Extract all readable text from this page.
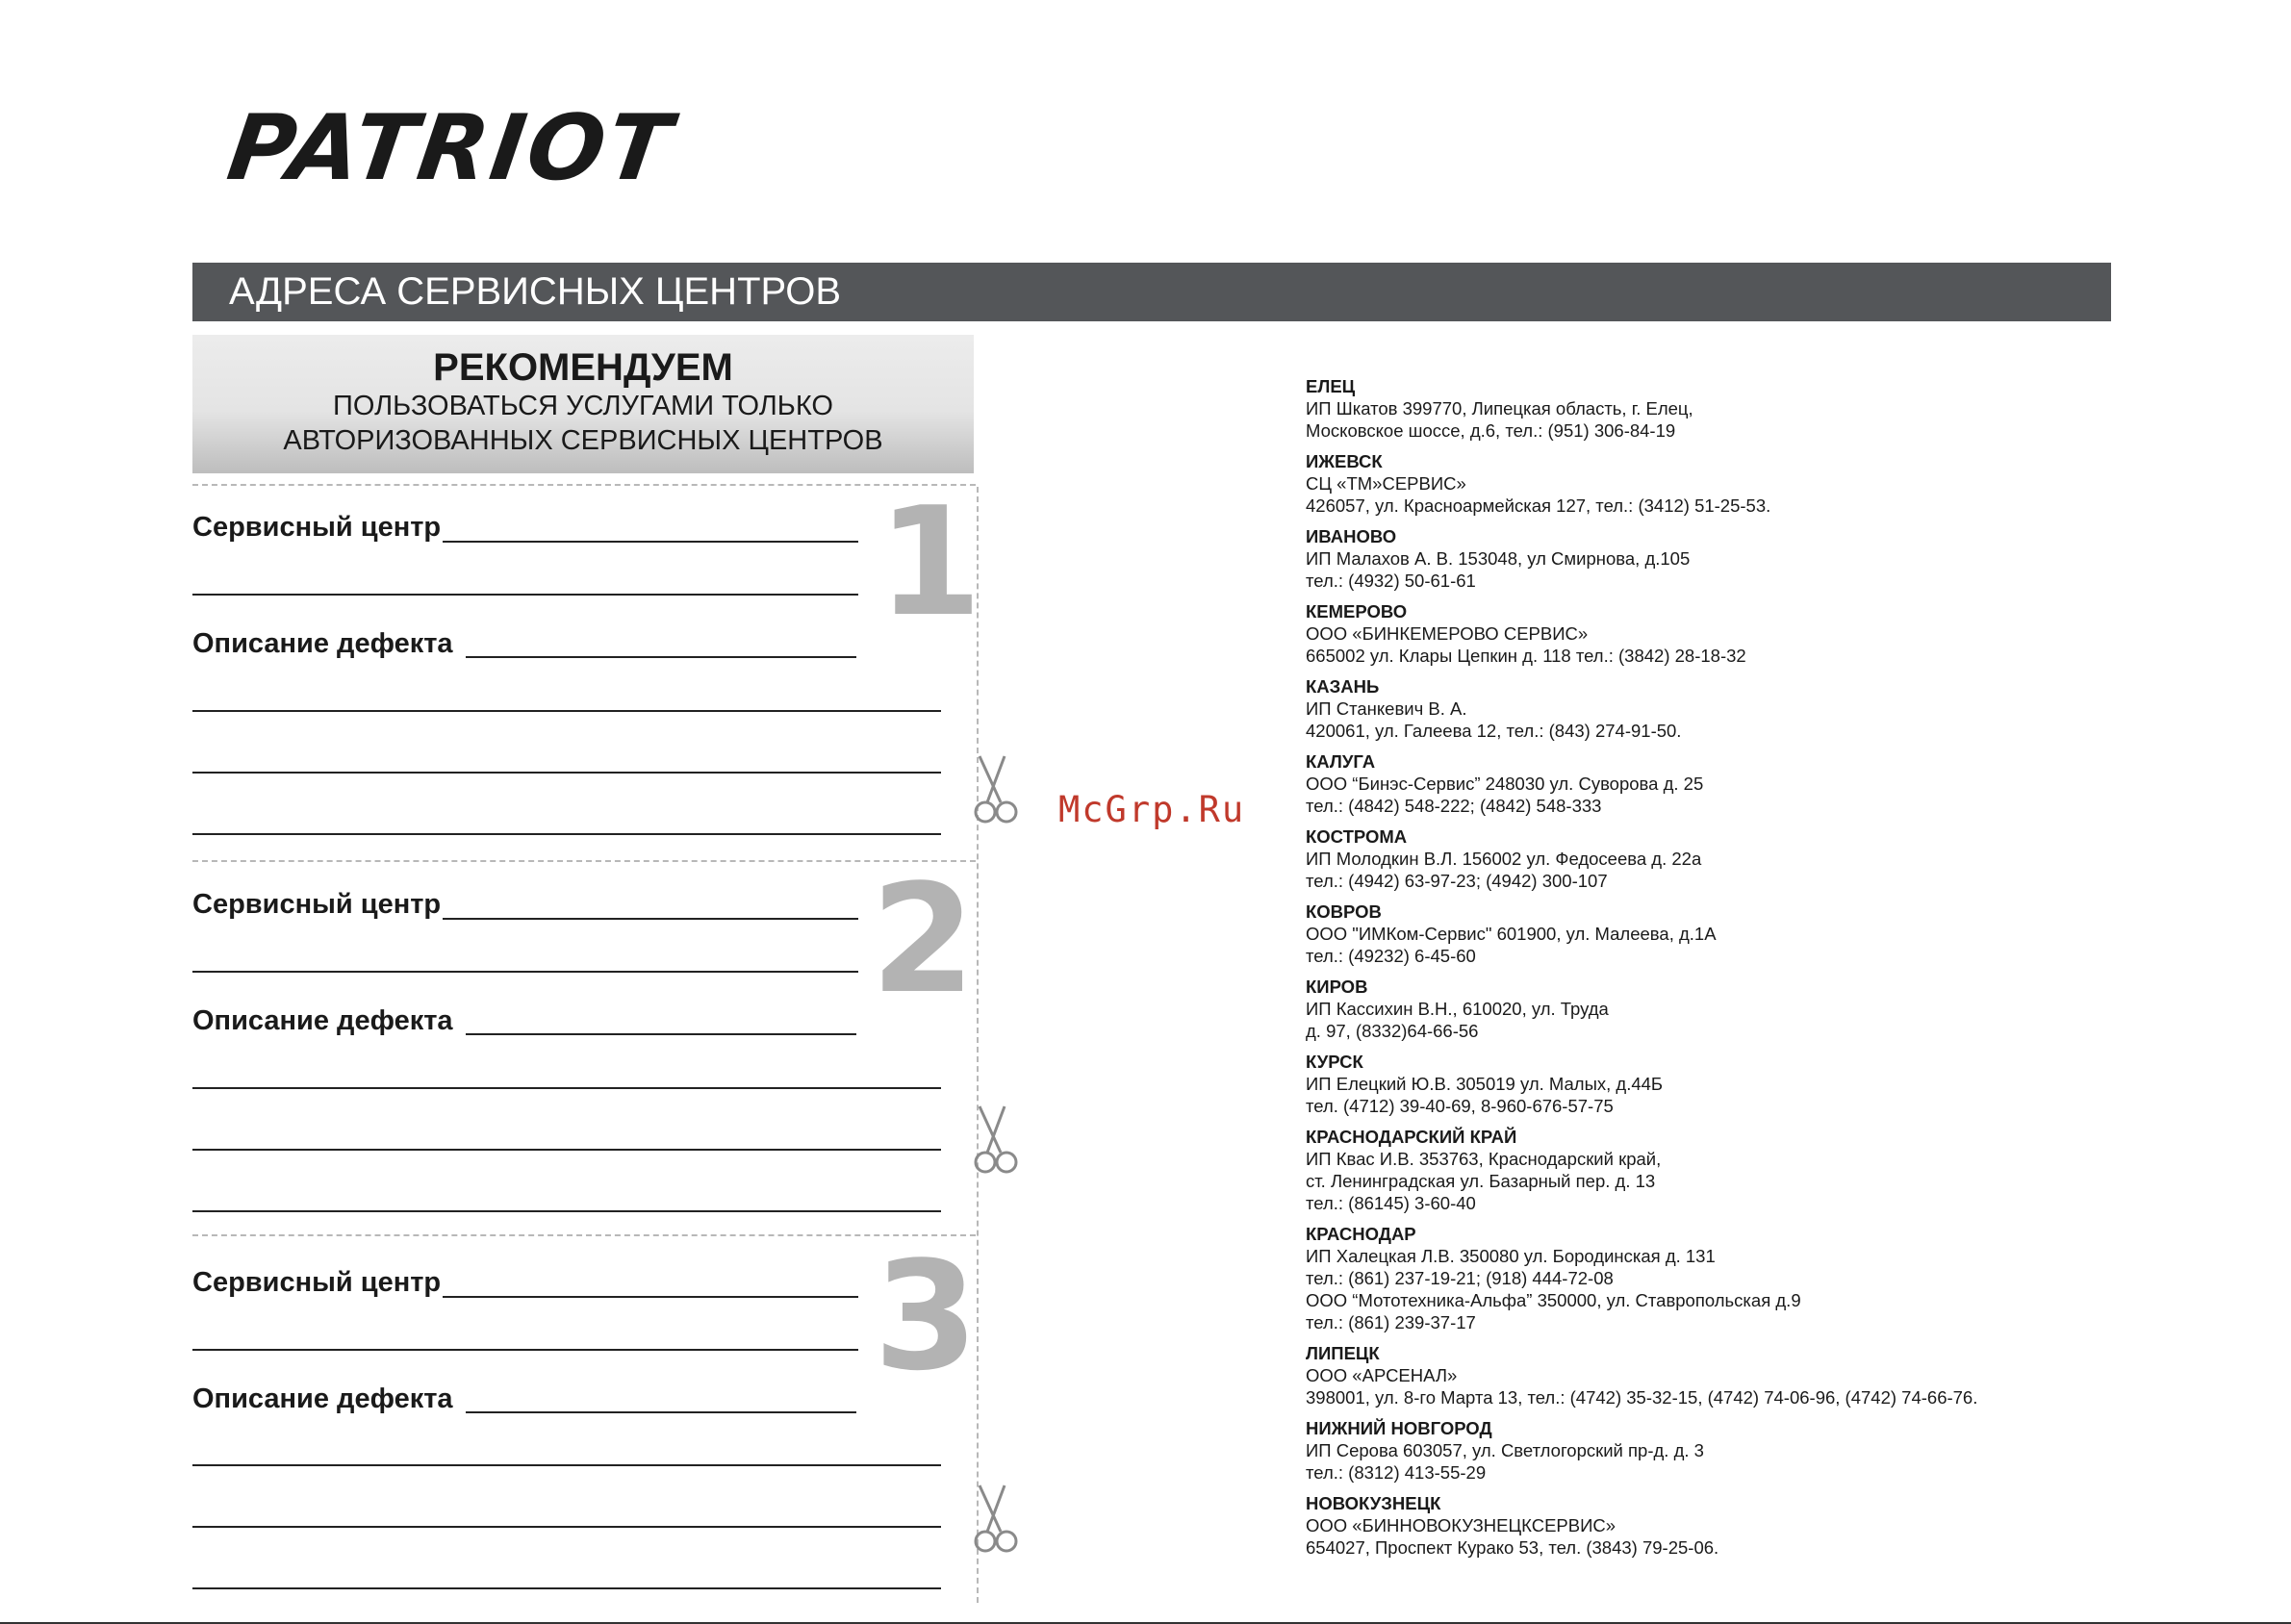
PATRIOT
АДРЕСА СЕРВИСНЫХ ЦЕНТРОВ
РЕКОМЕНДУЕМ
ПОЛЬЗОВАТЬСЯ УСЛУГАМИ ТОЛЬКО
АВТОРИЗОВАННЫХ СЕРВИСНЫХ ЦЕНТРОВ
Сервисный центр
Описание дефекта	1
Сервисный центр
Описание дефекта	2
Сервисный центр
Описание дефекта	3
McGrp.Ru
ЕЛЕЦ
ИП Шкатов 399770, Липецкая область, г. Елец,
Московское шоссе, д.6, тел.: (951) 306-84-19
ИЖЕВСК
СЦ «ТМ»СЕРВИС»
426057, ул. Красноармейская 127, тел.: (3412) 51-25-53.
ИВАНОВО
ИП Малахов А. В. 153048, ул Смирнова, д.105
тел.: (4932) 50-61-61
КЕМЕРОВО
ООО «БИНКЕМЕРОВО СЕРВИС»
665002 ул. Клары Цепкин д. 118 тел.: (3842) 28-18-32
КАЗАНЬ
ИП Станкевич В. А.
420061, ул. Галеева 12, тел.: (843) 274-91-50.
КАЛУГА
ООО “Бинэс-Сервис” 248030 ул. Суворова д. 25
тел.: (4842) 548-222; (4842) 548-333
КОСТРОМА
ИП Молодкин В.Л. 156002 ул. Федосеева д. 22а
тел.: (4942) 63-97-23; (4942) 300-107
КОВРОВ
ООО "ИМКом-Сервис" 601900, ул. Малеева, д.1А
тел.: (49232) 6-45-60
КИРОВ
ИП Кассихин В.Н., 610020, ул. Труда
д. 97, (8332)64-66-56
КУРСК
ИП Елецкий Ю.В. 305019 ул. Малых, д.44Б
тел. (4712) 39-40-69, 8-960-676-57-75
КРАСНОДАРСКИЙ КРАЙ
ИП Квас И.В. 353763, Краснодарский край,
ст. Ленинградская ул. Базарный пер. д. 13
тел.: (86145) 3-60-40
КРАСНОДАР
ИП Халецкая Л.В. 350080 ул. Бородинская д. 131
тел.: (861) 237-19-21; (918) 444-72-08
ООО “Мототехника-Альфа” 350000, ул. Ставропольская д.9
тел.: (861) 239-37-17
ЛИПЕЦК
ООО «АРСЕНАЛ»
398001, ул. 8-го Марта 13, тел.: (4742) 35-32-15, (4742) 74-06-96, (4742) 74-66-76.
НИЖНИЙ НОВГОРОД
ИП Серова 603057, ул. Светлогорский пр-д. д. 3
тел.: (8312) 413-55-29
НОВОКУЗНЕЦК
ООО «БИННОВОКУЗНЕЦКСЕРВИС»
654027, Проспект Курако 53, тел. (3843) 79-25-06.
